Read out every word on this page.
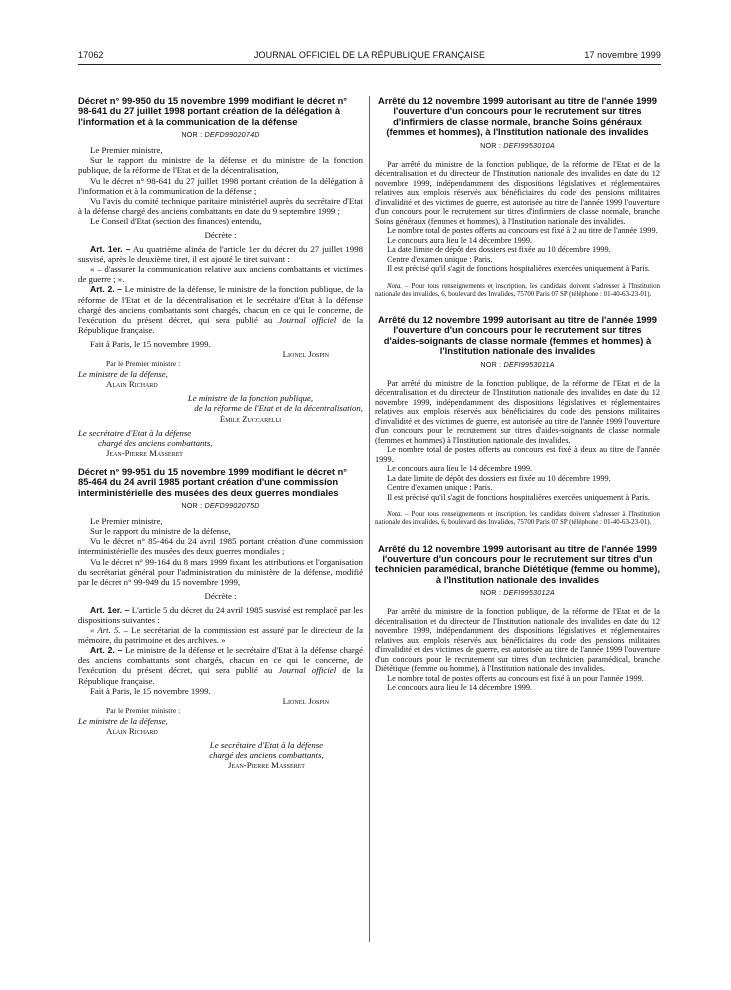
17062	JOURNAL OFFICIEL DE LA RÉPUBLIQUE FRANÇAISE	17 novembre 1999
Décret n° 99-950 du 15 novembre 1999 modifiant le décret n° 98-641 du 27 juillet 1998 portant création de la délégation à l'information et à la communication de la défense
NOR : DEFD9902074D

Le Premier ministre,

Sur le rapport du ministre de la défense et du ministre de la fonction publique, de la réforme de l'Etat et de la décentralisation,

Vu le décret n° 98-641 du 27 juillet 1998 portant création de la délégation à l'information et à la communication de la défense ;

Vu l'avis du comité technique paritaire ministériel auprès du secrétaire d'Etat à la défense chargé des anciens combattants en date du 9 septembre 1999 ;

Le Conseil d'Etat (section des finances) entendu,

Décrète :

Art. 1er. – Au quatrième alinéa de l'article 1er du décret du 27 juillet 1998 susvisé, après le deuxième tiret, il est ajouté le tiret suivant :

« – d'assurer la communication relative aux anciens combattants et victimes de guerre ; ».

Art. 2. – Le ministre de la défense, le ministre de la fonction publique, de la réforme de l'Etat et de la décentralisation et le secrétaire d'Etat à la défense chargé des anciens combattants sont chargés, chacun en ce qui le concerne, de l'exécution du présent décret, qui sera publié au Journal officiel de la République française.

Fait à Paris, le 15 novembre 1999.

Lionel Jospin

Par le Premier ministre :

Le ministre de la défense,

Alain Richard

Le ministre de la fonction publique,

de la réforme de l'Etat et de la décentralisation,

Émile Zuccarelli

Le secrétaire d'Etat à la défense

chargé des anciens combattants,

Jean-Pierre Masseret

Décret n° 99-951 du 15 novembre 1999 modifiant le décret n° 85-464 du 24 avril 1985 portant création d'une commission interministérielle des musées des deux guerres mondiales
NOR : DEFD9902075D

Le Premier ministre,

Sur le rapport du ministre de la défense,

Vu le décret n° 85-464 du 24 avril 1985 portant création d'une commission interministérielle des musées des deux guerres mondiales ;

Vu le décret n° 99-164 du 8 mars 1999 fixant les attributions et l'organisation du secrétariat général pour l'administration du ministère de la défense, modifié par le décret n° 99-949 du 15 novembre 1999,

Décrète :

Art. 1er. – L'article 5 du décret du 24 avril 1985 susvisé est remplacé par les dispositions suivantes :

« Art. 5. – Le secrétariat de la commission est assuré par le directeur de la mémoire, du patrimoine et des archives. »

Art. 2. – Le ministre de la défense et le secrétaire d'Etat à la défense chargé des anciens combattants sont chargés, chacun en ce qui le concerne, de l'exécution du présent décret, qui sera publié au Journal officiel de la République française.

Fait à Paris, le 15 novembre 1999.

Lionel Jospin

Par le Premier ministre :

Le ministre de la défense,

Alain Richard

Le secrétaire d'Etat à la défense

chargé des anciens combattants,

Jean-Pierre Masseret

Arrêté du 12 novembre 1999 autorisant au titre de l'année 1999 l'ouverture d'un concours pour le recrutement sur titres d'infirmiers de classe normale, branche Soins généraux (femmes et hommes), à l'Institution nationale des invalides
NOR : DEFI9953010A

Par arrêté du ministre de la fonction publique, de la réforme de l'Etat et de la décentralisation et du directeur de l'Institution nationale des invalides en date du 12 novembre 1999, indépendamment des dispositions législatives et réglementaires relatives aux emplois réservés aux bénéficiaires du code des pensions militaires d'invalidité et des victimes de guerre, est autorisée au titre de l'année 1999 l'ouverture d'un concours pour le recrutement sur titres d'infirmiers de classe normale, branche Soins généraux (femmes et hommes), à l'Institution nationale des invalides.

Le nombre total de postes offerts au concours est fixé à 2 au titre de l'année 1999.

Le concours aura lieu le 14 décembre 1999.

La date limite de dépôt des dossiers est fixée au 10 décembre 1999.

Centre d'examen unique : Paris.

Il est précisé qu'il s'agit de fonctions hospitalières exercées uniquement à Paris.

Nota. – Pour tous renseignements et inscription, les candidats doivent s'adresser à l'Institution nationale des invalides, 6, boulevard des Invalides, 75700 Paris 07 SP (téléphone : 01-40-63-23-01).

Arrêté du 12 novembre 1999 autorisant au titre de l'année 1999 l'ouverture d'un concours pour le recrutement sur titres d'aides-soignants de classe normale (femmes et hommes) à l'Institution nationale des invalides
NOR : DEFI9953011A

Par arrêté du ministre de la fonction publique, de la réforme de l'Etat et de la décentralisation et du directeur de l'Institution nationale des invalides en date du 12 novembre 1999, indépendamment des dispositions législatives et réglementaires relatives aux emplois réservés aux bénéficiaires du code des pensions militaires d'invalidité et des victimes de guerre, est autorisée au titre de l'année 1999 l'ouverture d'un concours pour le recrutement sur titres d'aides-soignants de classe normale (femmes et hommes) à l'Institution nationale des invalides.

Le nombre total de postes offerts au concours est fixé à deux au titre de l'année 1999.

Le concours aura lieu le 14 décembre 1999.

La date limite de dépôt des dossiers est fixée au 10 décembre 1999.

Centre d'examen unique : Paris.

Il est précisé qu'il s'agit de fonctions hospitalières exercées uniquement à Paris.

Nota. – Pour tous renseignements et inscription, les candidats doivent s'adresser à l'Institution nationale des invalides, 6, boulevard des Invalides, 75700 Paris 07 SP (téléphone : 01-40-63-23-01).

Arrêté du 12 novembre 1999 autorisant au titre de l'année 1999 l'ouverture d'un concours pour le recrutement sur titres d'un technicien paramédical, branche Diététique (femme ou homme), à l'Institution nationale des invalides
NOR : DEFI9953012A

Par arrêté du ministre de la fonction publique, de la réforme de l'Etat et de la décentralisation et du directeur de l'Institution nationale des invalides en date du 12 novembre 1999, indépendamment des dispositions législatives et réglementaires relatives aux emplois réservés aux bénéficiaires du code des pensions militaires d'invalidité et des victimes de guerre, est autorisée au titre de l'année 1999 l'ouverture d'un concours pour le recrutement sur titres d'un technicien paramédical, branche Diététique (femme ou homme), à l'Institution nationale des invalides.

Le nombre total de postes offerts au concours est fixé à un pour l'année 1999.

Le concours aura lieu le 14 décembre 1999.
